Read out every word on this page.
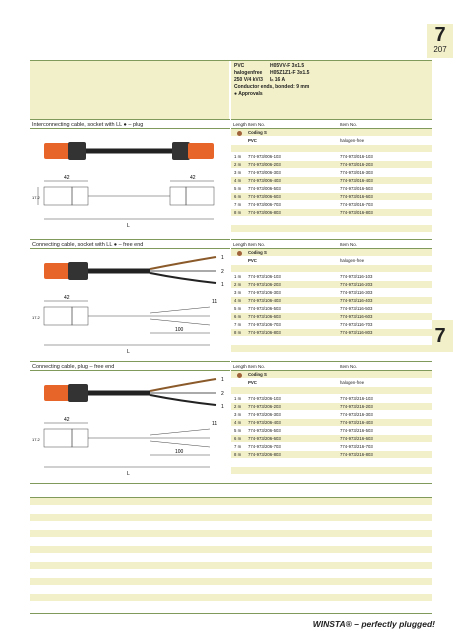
7
207
7
PVC	H05VV-F 3x1.5
halogenfree	H05Z1Z1-F 3x1.5
250 V/4 kV/3	Iₙ 16 A
Conductor ends, bonded: 9 mm
● Approvals
Interconnecting cable, socket with LL ● – plug
42	42
L
17.2
Length Item No.	Item No.
Coding S
PVC	halogen-free
1 m	774-973/006-103	774-973/016-103
2 m	774-973/006-203	774-973/016-203
3 m	774-973/006-303	774-973/016-303
4 m	774-973/006-403	774-973/016-403
5 m	774-973/006-503	774-973/016-503
6 m	774-973/006-603	774-973/016-603
7 m	774-973/006-703	774-973/016-703
8 m	774-973/006-803	774-973/016-803
Connecting cable, socket with LL ● – free end
1
2
1
42
100
11
L
17.2
Length Item No.	Item No.
Coding S
PVC	halogen-free
1 m	774-973/106-103	774-973/116-103
2 m	774-973/106-203	774-973/116-203
3 m	774-973/106-303	774-973/116-303
4 m	774-973/106-403	774-973/116-403
5 m	774-973/106-503	774-973/116-503
6 m	774-973/106-603	774-973/116-603
7 m	774-973/106-703	774-973/116-703
8 m	774-973/106-803	774-973/116-803
Connecting cable, plug – free end
1
2
1
42
100
11
L
17.2
Length Item No.	Item No.
Coding S
PVC	halogen-free
1 m	774-973/206-103	774-973/216-103
2 m	774-973/206-203	774-973/216-203
3 m	774-973/206-303	774-973/216-303
4 m	774-973/206-403	774-973/216-403
5 m	774-973/206-503	774-973/216-503
6 m	774-973/206-603	774-973/216-603
7 m	774-973/206-703	774-973/216-703
8 m	774-973/206-803	774-973/216-803
WINSTA® – perfectly plugged!
